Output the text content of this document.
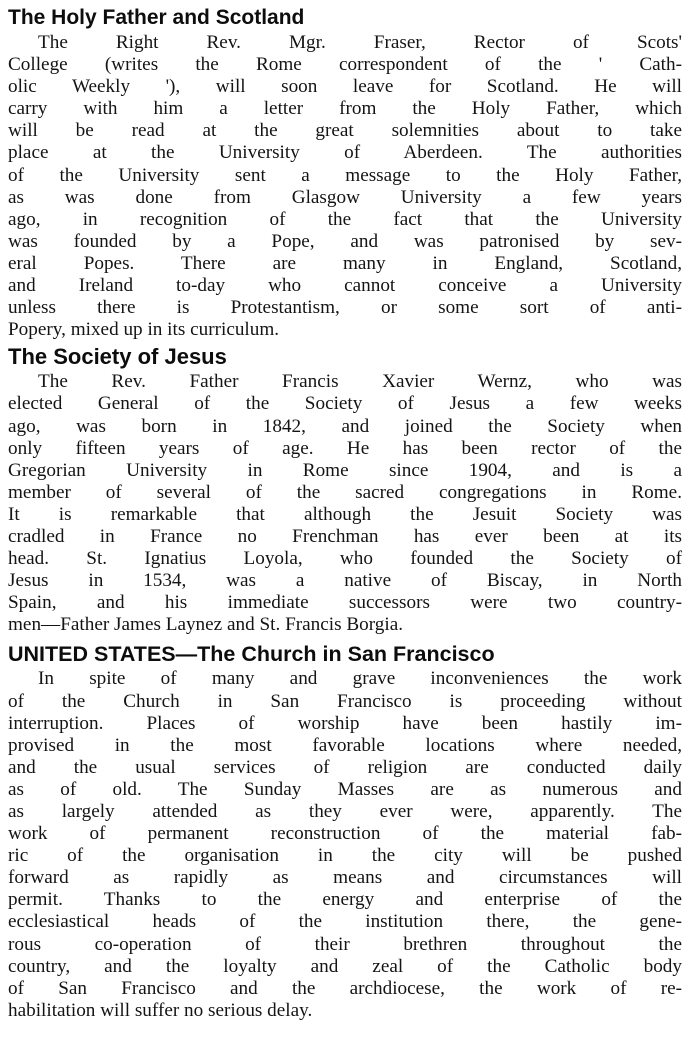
The Holy Father and Scotland
The Right Rev. Mgr. Fraser, Rector of Scots'
College (writes the Rome correspondent of the ' Cath-
olic Weekly '), will soon leave for Scotland. He will
carry with him a letter from the Holy Father, which
will be read at the great solemnities about to take
place at the University of Aberdeen. The authorities
of the University sent a message to the Holy Father,
as was done from Glasgow University a few years
ago, in recognition of the fact that the University
was founded by a Pope, and was patronised by sev-
eral Popes. There are many in England, Scotland,
and Ireland to-day who cannot conceive a University
unless there is Protestantism, or some sort of anti-
Popery, mixed up in its curriculum.
The Society of Jesus
The Rev. Father Francis Xavier Wernz, who was
elected General of the Society of Jesus a few weeks
ago, was born in 1842, and joined the Society when
only fifteen years of age. He has been rector of the
Gregorian University in Rome since 1904, and is a
member of several of the sacred congregations in Rome.
It is remarkable that although the Jesuit Society was
cradled in France no Frenchman has ever been at its
head. St. Ignatius Loyola, who founded the Society of
Jesus in 1534, was a native of Biscay, in North
Spain, and his immediate successors were two country-
men—Father James Laynez and St. Francis Borgia.
UNITED STATES—The Church in San Francisco
In spite of many and grave inconveniences the work
of the Church in San Francisco is proceeding without
interruption. Places of worship have been hastily im-
provised in the most favorable locations where needed,
and the usual services of religion are conducted daily
as of old. The Sunday Masses are as numerous and
as largely attended as they ever were, apparently. The
work of permanent reconstruction of the material fab-
ric of the organisation in the city will be pushed
forward as rapidly as means and circumstances will
permit. Thanks to the energy and enterprise of the
ecclesiastical heads of the institution there, the gene-
rous co-operation of their brethren throughout the
country, and the loyalty and zeal of the Catholic body
of San Francisco and the archdiocese, the work of re-
habilitation will suffer no serious delay.
